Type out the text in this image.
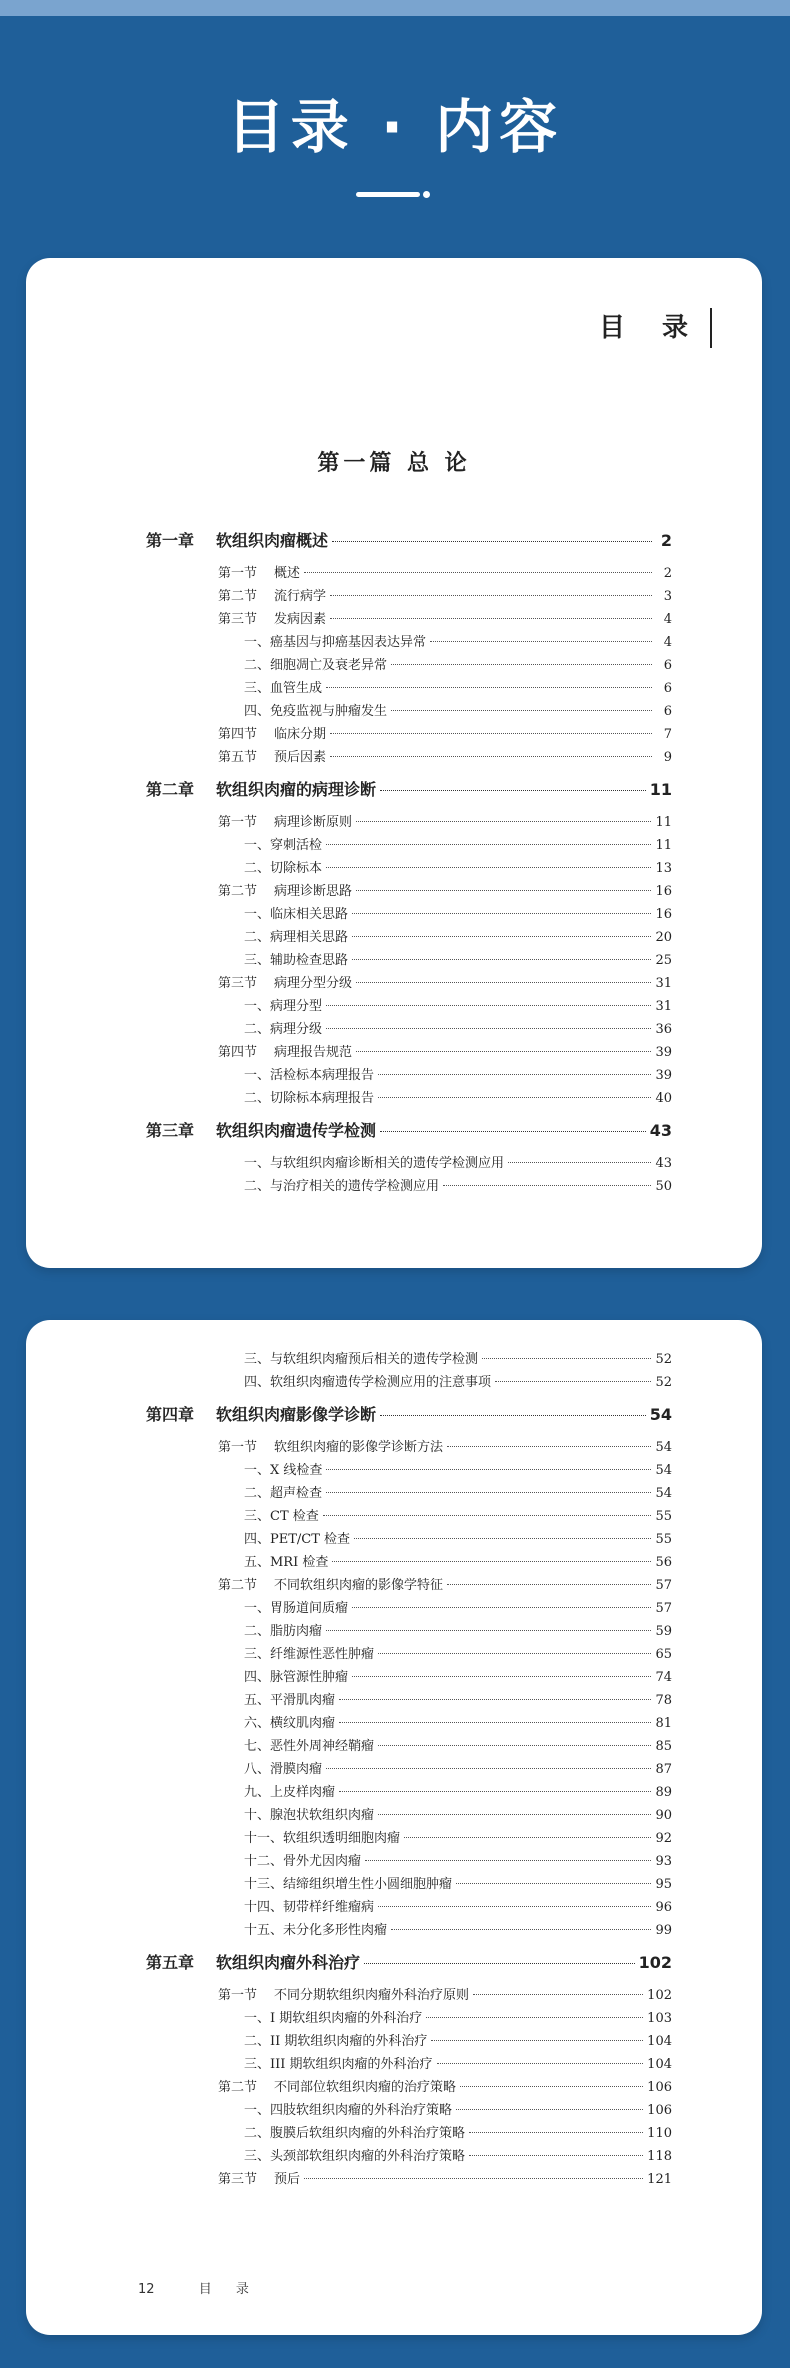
目录 · 内容
目 录
第一篇 总 论
第一章	软组织肉瘤概述	2
第一节	概述	2
第二节	流行病学	3
第三节	发病因素	4
一、癌基因与抑癌基因表达异常	4
二、细胞凋亡及衰老异常	6
三、血管生成	6
四、免疫监视与肿瘤发生	6
第四节	临床分期	7
第五节	预后因素	9
第二章	软组织肉瘤的病理诊断	11
第一节	病理诊断原则	11
一、穿刺活检	11
二、切除标本	13
第二节	病理诊断思路	16
一、临床相关思路	16
二、病理相关思路	20
三、辅助检查思路	25
第三节	病理分型分级	31
一、病理分型	31
二、病理分级	36
第四节	病理报告规范	39
一、活检标本病理报告	39
二、切除标本病理报告	40
第三章	软组织肉瘤遗传学检测	43
一、与软组织肉瘤诊断相关的遗传学检测应用	43
二、与治疗相关的遗传学检测应用	50
三、与软组织肉瘤预后相关的遗传学检测	52
四、软组织肉瘤遗传学检测应用的注意事项	52
第四章	软组织肉瘤影像学诊断	54
第一节	软组织肉瘤的影像学诊断方法	54
一、X 线检查	54
二、超声检查	54
三、CT 检查	55
四、PET/CT 检查	55
五、MRI 检查	56
第二节	不同软组织肉瘤的影像学特征	57
一、胃肠道间质瘤	57
二、脂肪肉瘤	59
三、纤维源性恶性肿瘤	65
四、脉管源性肿瘤	74
五、平滑肌肉瘤	78
六、横纹肌肉瘤	81
七、恶性外周神经鞘瘤	85
八、滑膜肉瘤	87
九、上皮样肉瘤	89
十、腺泡状软组织肉瘤	90
十一、软组织透明细胞肉瘤	92
十二、骨外尤因肉瘤	93
十三、结缔组织增生性小圆细胞肿瘤	95
十四、韧带样纤维瘤病	96
十五、未分化多形性肉瘤	99
第五章	软组织肉瘤外科治疗	102
第一节	不同分期软组织肉瘤外科治疗原则	102
一、I 期软组织肉瘤的外科治疗	103
二、II 期软组织肉瘤的外科治疗	104
三、III 期软组织肉瘤的外科治疗	104
第二节	不同部位软组织肉瘤的治疗策略	106
一、四肢软组织肉瘤的外科治疗策略	106
二、腹膜后软组织肉瘤的外科治疗策略	110
三、头颈部软组织肉瘤的外科治疗策略	118
第三节	预后	121
12	目 录
